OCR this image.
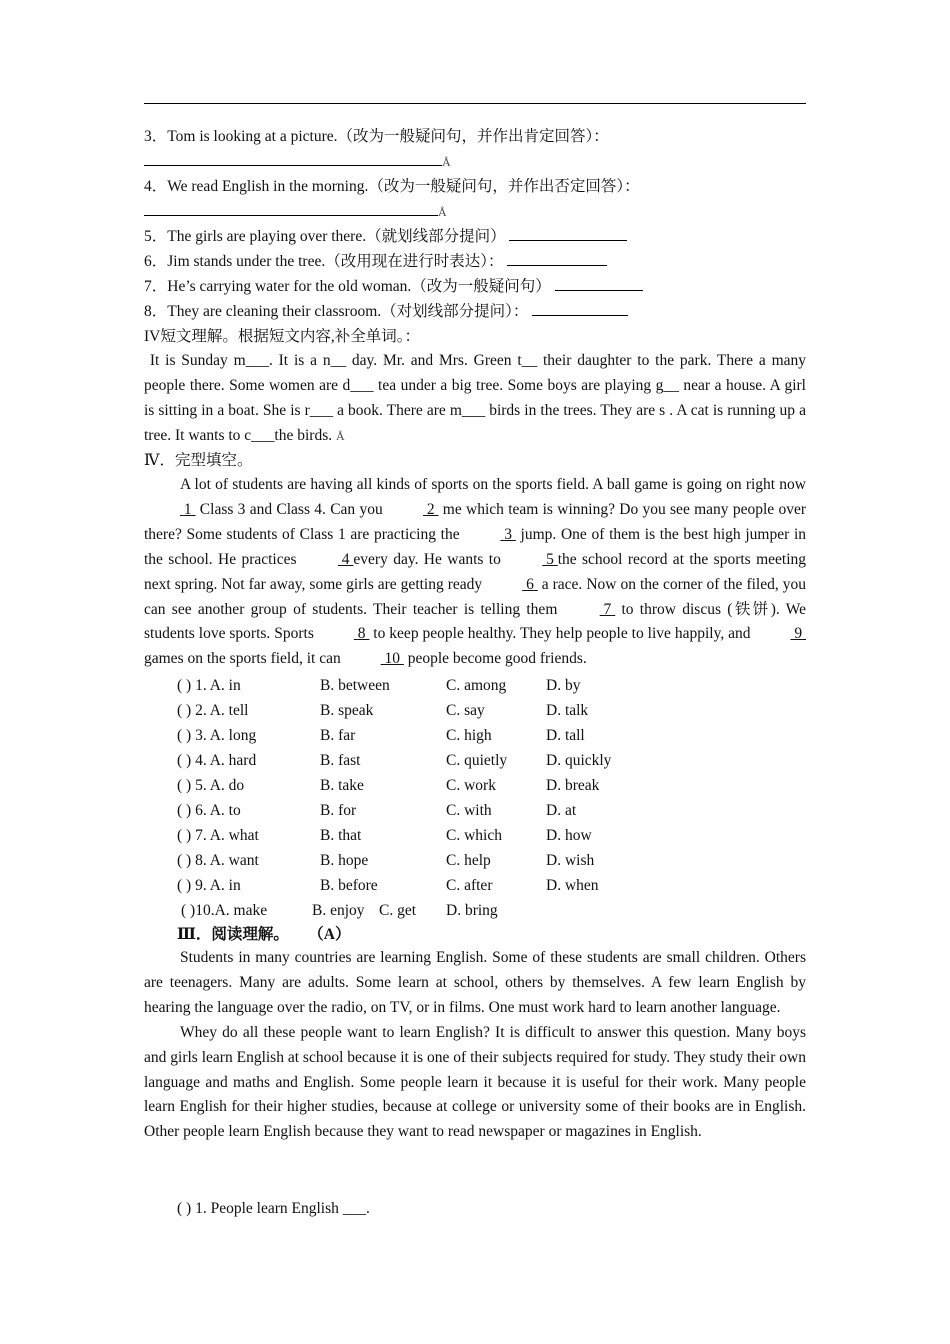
3．Tom is looking at a picture.（改为一般疑问句，并作出肯定回答）：
Å
4．We read English in the morning.（改为一般疑问句，并作出否定回答）：
Å
5．The girls are playing over there.（就划线部分提问）
6．Jim stands under the tree.（改用现在进行时表达）：
7．He’s carrying water for the old woman.（改为一般疑问句）
8．They are cleaning their classroom.（对划线部分提问）：
IV短文理解。根据短文内容,补全单词。：

It is Sunday m___. It is a n__ day. Mr. and Mrs. Green t__ their daughter to the park. There a many people there. Some women are d___ tea under a big tree. Some boys are playing g__ near a house. A girl is sitting in a boat. She is r___ a book. There are m___ birds in the trees. They are s . A cat is running up a tree. It wants to c___the birds. Å

Ⅳ．完型填空。

A lot of students are having all kinds of sports on the sports field. A ball game is going on right now  1  Class 3 and Class 4. Can you	2  me which team is winning? Do you see many people over there? Some students of Class 1 are practicing the	3  jump. One of them is the best high jumper in the school. He practices	4 every day. He wants to	5 the school record at the sports meeting next spring. Not far away, some girls are getting ready	6  a race. Now on the corner of the filed, you can see another group of students. Their teacher is telling them	7  to throw discus (铁饼). We students love sports. Sports	8  to keep people healthy. They help people to live happily, and	9  games on the sports field, it can	10  people become good friends.

( ) 1. A. in	B. between	C. among	D. by
( ) 2. A. tell	B. speak	C. say	D. talk
( ) 3. A. long	B. far	C. high	D. tall
( ) 4. A. hard	B. fast	C. quietly	D. quickly
( ) 5. A. do	B. take	C. work	D. break
( ) 6. A. to	B. for	C. with	D. at
( ) 7. A. what	B. that	C. which	D. how
( ) 8. A. want	B. hope	C. help	D. wish
( ) 9. A. in	B. before	C. after	D. when
( )10.A. make	B. enjoy C. get D. bring
Ⅲ．阅读理解。 （A）

Students in many countries are learning English. Some of these students are small children. Others are teenagers. Many are adults. Some learn at school, others by themselves. A few learn English by hearing the language over the radio, on TV, or in films. One must work hard to learn another language.

Whey do all these people want to learn English? It is difficult to answer this question. Many boys and girls learn English at school because it is one of their subjects required for study. They study their own language and maths and English. Some people learn it because it is useful for their work. Many people learn English for their higher studies, because at college or university some of their books are in English. Other people learn English because they want to read newspaper or magazines in English.

( ) 1. People learn English ___.
